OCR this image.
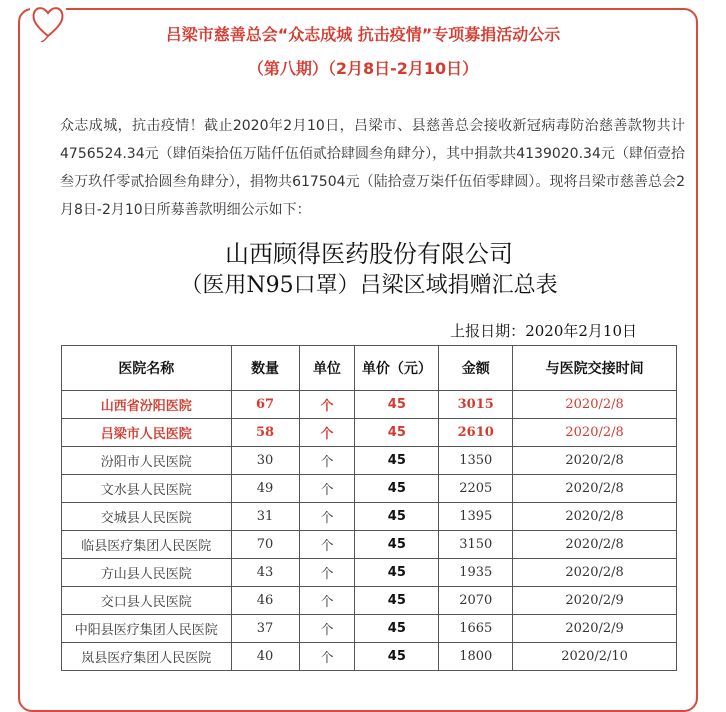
吕梁市慈善总会“众志成城 抗击疫情”专项募捐活动公示
（第八期）（2月8日-2月10日）
众志成城，抗击疫情！截止2020年2月10日，吕梁市、县慈善总会接收新冠病毒防治慈善款物共计4756524.34元（肆佰柒拾伍万陆仟伍佰贰拾肆圆叁角肆分），其中捐款共4139020.34元（肆佰壹拾叁万玖仟零贰拾圆叁角肆分），捐物共617504元（陆拾壹万柒仟伍佰零肆圆）。现将吕梁市慈善总会2月8日-2月10日所募善款明细公示如下：
山西顾得医药股份有限公司
（医用N95口罩）吕梁区域捐赠汇总表
上报日期：2020年2月10日
医院名称	数量	单位	单价（元）	金额	与医院交接时间
山西省汾阳医院	67	个	45	3015	2020/2/8
吕梁市人民医院	58	个	45	2610	2020/2/8
汾阳市人民医院	30	个	45	1350	2020/2/8
文水县人民医院	49	个	45	2205	2020/2/8
交城县人民医院	31	个	45	1395	2020/2/8
临县医疗集团人民医院	70	个	45	3150	2020/2/8
方山县人民医院	43	个	45	1935	2020/2/8
交口县人民医院	46	个	45	2070	2020/2/9
中阳县医疗集团人民医院	37	个	45	1665	2020/2/9
岚县医疗集团人民医院	40	个	45	1800	2020/2/10
